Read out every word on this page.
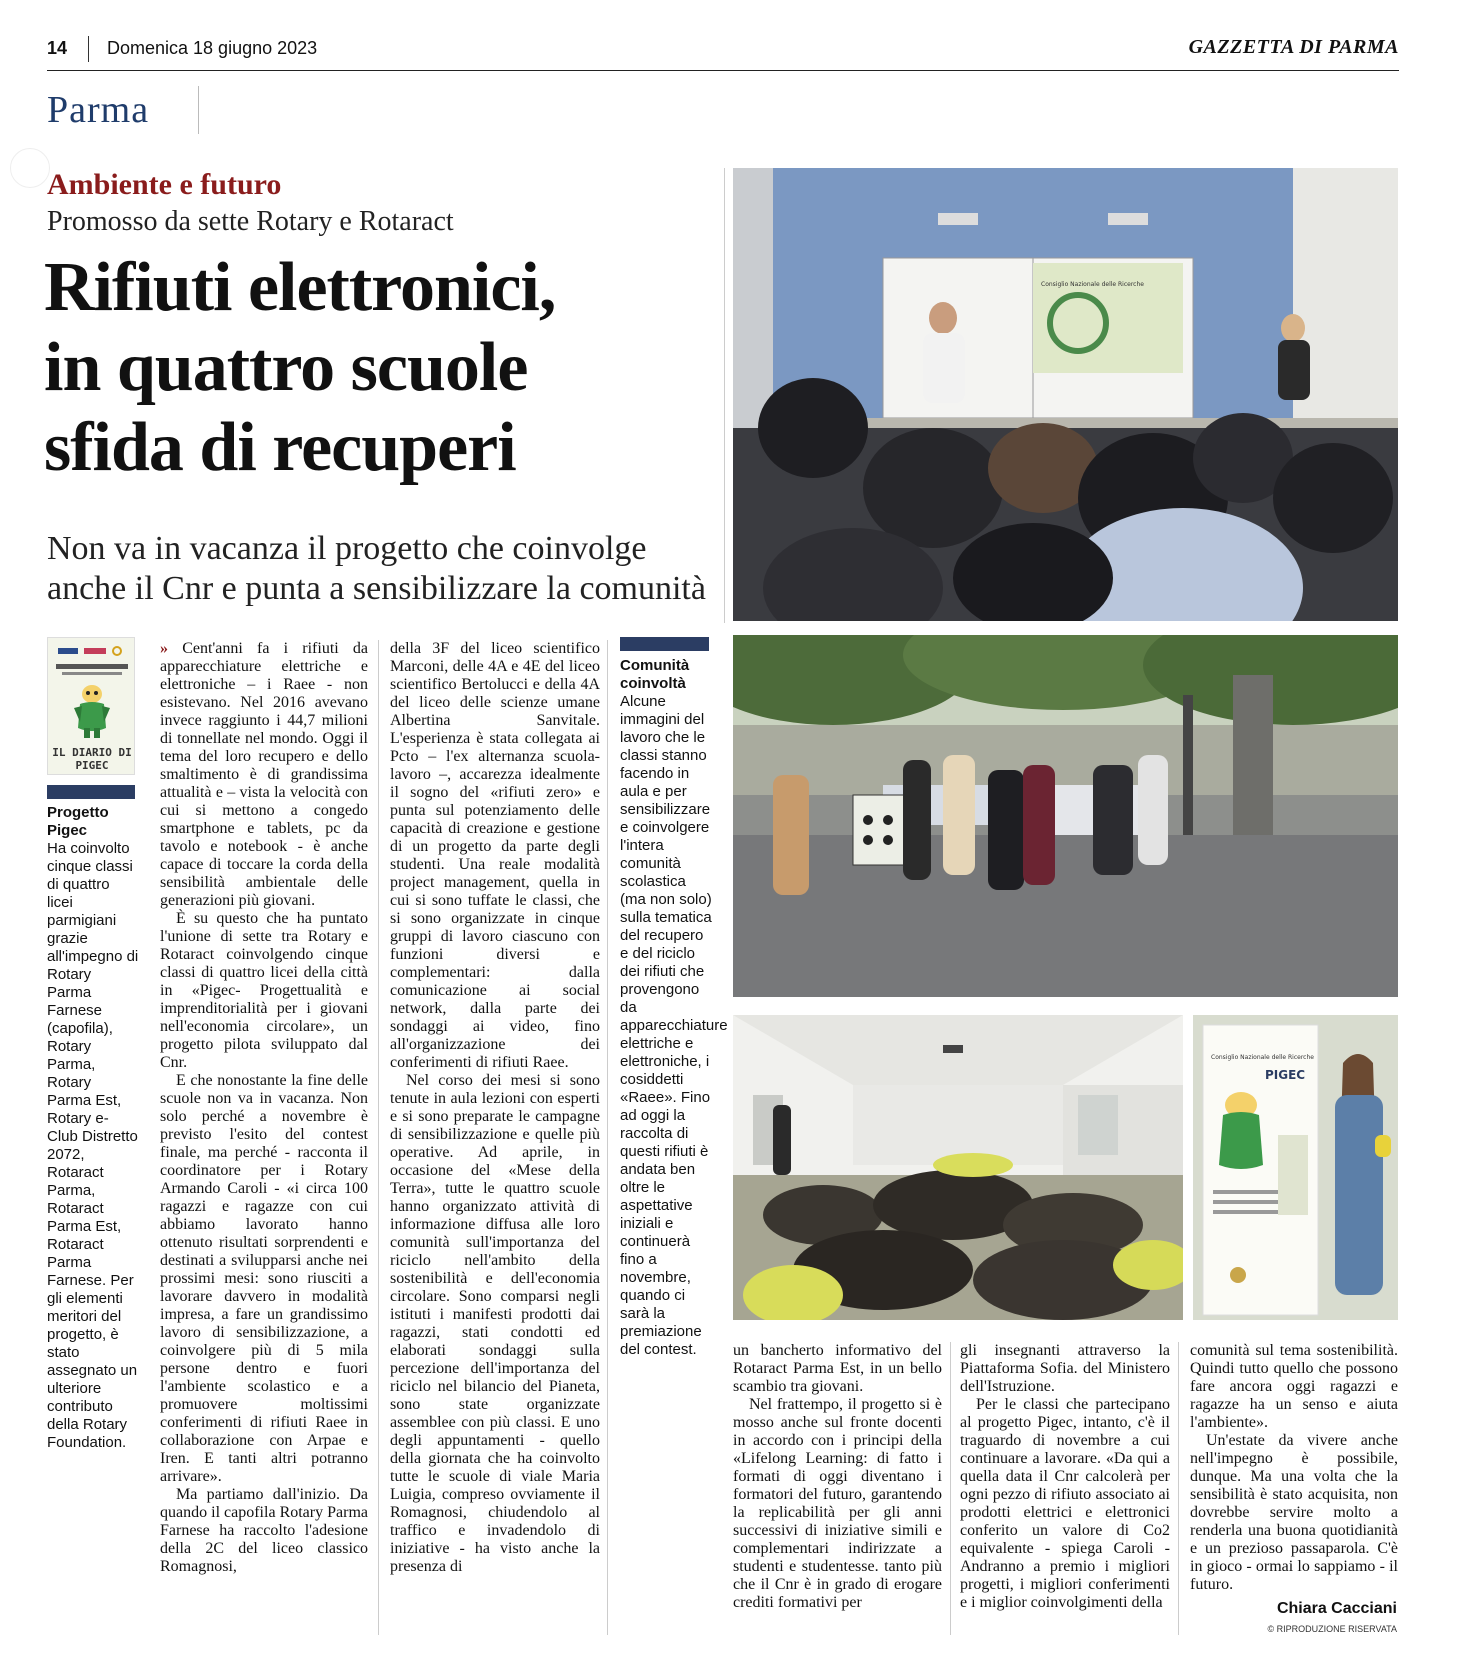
14 Domenica 18 giugno 2023	GAZZETTA DI PARMA
Parma
Ambiente e futuro
Promosso da sette Rotary e Rotaract
Rifiuti elettronici,
in quattro scuole
sfida di recuperi
Non va in vacanza il progetto che coinvolge
anche il Cnr e punta a sensibilizzare la comunità
IL DIARIO DI
PIGEC
Progetto
Pigec
Ha coinvolto cinque classi di quattro licei parmigiani grazie all'impegno di Rotary Parma Farnese (capofila), Rotary Parma, Rotary Parma Est, Rotary e-Club Distretto 2072, Rotaract Parma, Rotaract Parma Est, Rotaract Parma Farnese. Per gli elementi meritori del progetto, è stato assegnato un ulteriore contributo della Rotary Foundation.
Comunità
coinvoltà
Alcune immagini del lavoro che le classi stanno facendo in aula e per sensibilizzare e coinvolgere l'intera comunità scolastica (ma non solo) sulla tematica del recupero e del riciclo dei rifiuti che provengono da apparecchiature elettriche e elettroniche, i cosiddetti «Raee». Fino ad oggi la raccolta di questi rifiuti è andata ben oltre le aspettative iniziali e continuerà fino a novembre, quando ci sarà la premiazione del contest.

» Cent'anni fa i rifiuti da apparecchiature elettriche e elettroniche – i Raee - non esistevano. Nel 2016 avevano invece raggiunto i 44,7 milioni di tonnellate nel mondo. Oggi il tema del loro recupero e dello smaltimento è di grandissima attualità e – vista la velocità con cui si mettono a congedo smartphone e tablets, pc da tavolo e notebook - è anche capace di toccare la corda della sensibilità ambientale delle generazioni più giovani.

È su questo che ha puntato l'unione di sette tra Rotary e Rotaract coinvolgendo cinque classi di quattro licei della città in «Pigec- Progettualità e imprenditorialità per i giovani nell'economia circolare», un progetto pilota sviluppato dal Cnr.

E che nonostante la fine delle scuole non va in vacanza. Non solo perché a novembre è previsto l'esito del contest finale, ma perché - racconta il coordinatore per i Rotary Armando Caroli - «i circa 100 ragazzi e ragazze con cui abbiamo lavorato hanno ottenuto risultati sorprendenti e destinati a svilupparsi anche nei prossimi mesi: sono riusciti a lavorare davvero in modalità impresa, a fare un grandissimo lavoro di sensibilizzazione, a coinvolgere più di 5 mila persone dentro e fuori l'ambiente scolastico e a promuovere moltissimi conferimenti di rifiuti Raee in collaborazione con Arpae e Iren. E tanti altri potranno arrivare».

Ma partiamo dall'inizio. Da quando il capofila Rotary Parma Farnese ha raccolto l'adesione della 2C del liceo classico Romagnosi,

della 3F del liceo scientifico Marconi, delle 4A e 4E del liceo scientifico Bertolucci e della 4A del liceo delle scienze umane Albertina Sanvitale. L'esperienza è stata collegata ai Pcto – l'ex alternanza scuola-lavoro –, accarezza idealmente il sogno del «rifiuti zero» e punta sul potenziamento delle capacità di creazione e gestione di un progetto da parte degli studenti. Una reale modalità project management, quella in cui si sono tuffate le classi, che si sono organizzate in cinque gruppi di lavoro ciascuno con funzioni diversi e complementari: dalla comunicazione ai social network, dalla parte dei sondaggi ai video, fino all'organizzazione dei conferimenti di rifiuti Raee.

Nel corso dei mesi si sono tenute in aula lezioni con esperti e si sono preparate le campagne di sensibilizzazione e quelle più operative. Ad aprile, in occasione del «Mese della Terra», tutte le quattro scuole hanno organizzato attività di informazione diffusa alle loro comunità sull'importanza del riciclo nell'ambito della sostenibilità e dell'economia circolare. Sono comparsi negli istituti i manifesti prodotti dai ragazzi, stati condotti ed elaborati sondaggi sulla percezione dell'importanza del riciclo nel bilancio del Pianeta, sono state organizzate assemblee con più classi. E uno degli appuntamenti - quello della giornata che ha coinvolto tutte le scuole di viale Maria Luigia, compreso ovviamente il Romagnosi, chiudendolo al traffico e invadendolo di iniziative - ha visto anche la presenza di

un bancherto informativo del Rotaract Parma Est, in un bello scambio tra giovani.

Nel frattempo, il progetto si è mosso anche sul fronte docenti in accordo con i principi della «Lifelong Learning: di fatto i formati di oggi diventano i formatori del futuro, garantendo la replicabilità per gli anni successivi di iniziative simili e complementari indirizzate a studenti e studentesse. tanto più che il Cnr è in grado di erogare crediti formativi per

gli insegnanti attraverso la Piattaforma Sofia. del Ministero dell'Istruzione.

Per le classi che partecipano al progetto Pigec, intanto, c'è il traguardo di novembre a cui continuare a lavorare. «Da qui a quella data il Cnr calcolerà per ogni pezzo di rifiuto associato ai prodotti elettrici e elettronici conferito un valore di Co2 equivalente - spiega Caroli -Andranno a premio i migliori progetti, i migliori conferimenti e i miglior coinvolgimenti della

comunità sul tema sostenibilità. Quindi tutto quello che possono fare ancora oggi ragazzi e ragazze ha un senso e aiuta l'ambiente».

Un'estate da vivere anche nell'impegno è possibile, dunque. Ma una volta che la sensibilità è stato acquisita, non dovrebbe servire molto a renderla una buona quotidianità e un prezioso passaparola. C'è in gioco - ormai lo sappiamo - il futuro.

Chiara Cacciani
© RIPRODUZIONE RISERVATA
Consiglio Nazionale delle Ricerche
Consiglio Nazionale delle Ricerche
PIGEC
